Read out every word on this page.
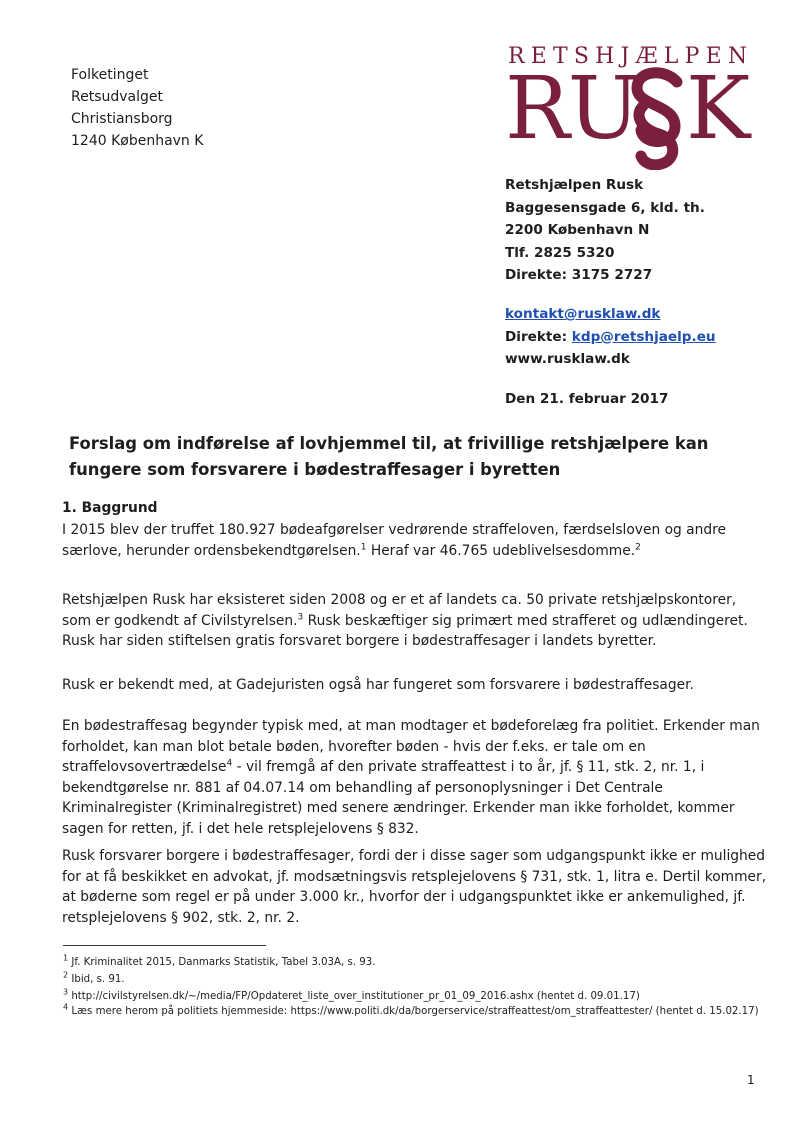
Folketinget
Retsudvalget
Christiansborg
1240 København K
RETSHJÆLPEN
RU K
Retshjælpen Rusk
Baggesensgade 6, kld. th.
2200 København N
Tlf. 2825 5320
Direkte: 3175 2727
kontakt@rusklaw.dk
Direkte: kdp@retshjaelp.eu
www.rusklaw.dk
Den 21. februar 2017
Forslag om indførelse af lovhjemmel til, at frivillige retshjælpere kan fungere som forsvarere i bødestraffesager i byretten
1. Baggrund

I 2015 blev der truffet 180.927 bødeafgørelser vedrørende straffeloven, færdselsloven og andre særlove, herunder ordensbekendtgørelsen.$^1$ Heraf var 46.765 udeblivelsesdomme.$^2$

Retshjælpen Rusk har eksisteret siden 2008 og er et af landets ca. 50 private retshjælpskontorer, som er godkendt af Civilstyrelsen.$^3$ Rusk beskæftiger sig primært med strafferet og udlændingeret. Rusk har siden stiftelsen gratis forsvaret borgere i bødestraffesager i landets byretter.

Rusk er bekendt med, at Gadejuristen også har fungeret som forsvarere i bødestraffesager.

En bødestraffesag begynder typisk med, at man modtager et bødeforelæg fra politiet. Erkender man forholdet, kan man blot betale bøden, hvorefter bøden - hvis der f.eks. er tale om en straffelovsovertrædelse$^4$ - vil fremgå af den private straffeattest i to år, jf. § 11, stk. 2, nr. 1, i bekendtgørelse nr. 881 af 04.07.14 om behandling af personoplysninger i Det Centrale Kriminalregister (Kriminalregistret) med senere ændringer. Erkender man ikke forholdet, kommer sagen for retten, jf. i det hele retsplejelovens § 832.

Rusk forsvarer borgere i bødestraffesager, fordi der i disse sager som udgangspunkt ikke er mulighed for at få beskikket en advokat, jf. modsætningsvis retsplejelovens § 731, stk. 1, litra e. Dertil kommer, at bøderne som regel er på under 3.000 kr., hvorfor der i udgangspunktet ikke er ankemulighed, jf. retsplejelovens § 902, stk. 2, nr. 2.

$^1$ Jf. Kriminalitet 2015, Danmarks Statistik, Tabel 3.03A, s. 93.
$^2$ Ibid, s. 91.
$^3$ http://civilstyrelsen.dk/~/media/FP/Opdateret_liste_over_institutioner_pr_01_09_2016.ashx (hentet d. 09.01.17)
$^4$ Læs mere herom på politiets hjemmeside: https://www.politi.dk/da/borgerservice/straffeattest/om_straffeattester/ (hentet d. 15.02.17)
1
